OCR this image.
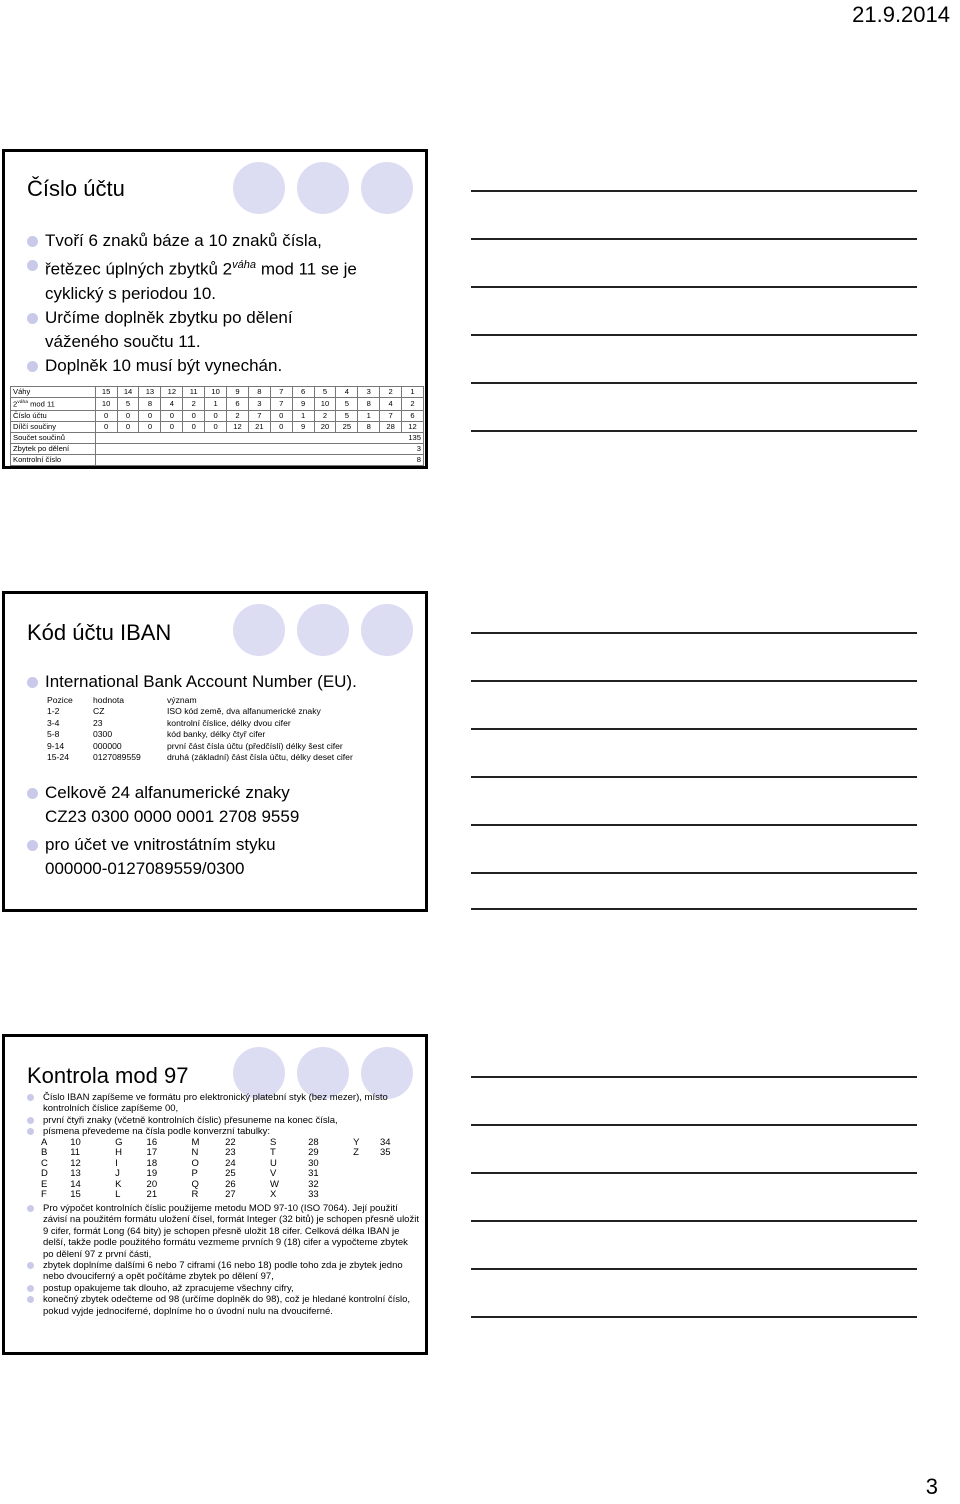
21.9.2014
Číslo účtu
Tvoří 6 znaků báze a 10 znaků čísla,
řetězec úplných zbytků $2^{váha}$ mod 11 se je
cyklický s periodou 10.
Určíme doplněk zbytku po dělení
váženého součtu 11.
Doplněk 10 musí být vynechán.
Váhy	15	14	13	12	11	10	9	8	7	6	5	4	3	2	1
$2^{váha}$ mod 11	10	5	8	4	2	1	6	3	7	9	10	5	8	4	2
Číslo účtu	0	0	0	0	0	0	2	7	0	1	2	5	1	7	6
Dílčí součiny	0	0	0	0	0	0	12	21	0	9	20	25	8	28	12
Součet součinů	135														
Zbytek po dělení	3														
Kontrolní číslo	8														
Kód účtu IBAN
International Bank Account Number (EU).
Pozice	hodnota	význam
1-2	CZ	ISO kód země, dva alfanumerické znaky
3-4	23	kontrolní číslice, délky dvou cifer
5-8	0300	kód banky, délky čtyř cifer
9-14	000000	první část čísla účtu (předčíslí) délky šest cifer
15-24	0127089559	druhá (základní) část čísla účtu, délky deset cifer
Celkově 24 alfanumerické znaky
CZ23 0300 0000 0001 2708 9559
pro účet ve vnitrostátním styku
000000-0127089559/0300
Kontrola mod 97
Číslo IBAN zapíšeme ve formátu pro elektronický platební styk (bez mezer), místo kontrolních číslice zapíšeme 00,
první čtyři znaky (včetně kontrolních číslic) přesuneme na konec čísla,
písmena převedeme na čísla podle konverzní tabulky:
A	10	G	16	M	22	S	28	Y	34
B	11	H	17	N	23	T	29	Z	35
C	12	I	18	O	24	U	30		
D	13	J	19	P	25	V	31		
E	14	K	20	Q	26	W	32		
F	15	L	21	R	27	X	33		
Pro výpočet kontrolních číslic použijeme metodu MOD 97-10 (ISO 7064). Její použití závisí na použitém formátu uložení čísel, formát Integer (32 bitů) je schopen přesně uložit 9 cifer, formát Long (64 bity) je schopen přesně uložit 18 cifer. Celková délka IBAN je delší, takže podle použitého formátu vezmeme prvních 9 (18) cifer a vypočteme zbytek po dělení 97 z první části,
zbytek doplníme dalšími 6 nebo 7 ciframi (16 nebo 18) podle toho zda je zbytek jedno nebo dvouciferný a opět počítáme zbytek po dělení 97,
postup opakujeme tak dlouho, až zpracujeme všechny cifry,
konečný zbytek odečteme od 98 (určíme doplněk do 98), což je hledané kontrolní číslo, pokud vyjde jednociferné, doplníme ho o úvodní nulu na dvouciferné.
3
